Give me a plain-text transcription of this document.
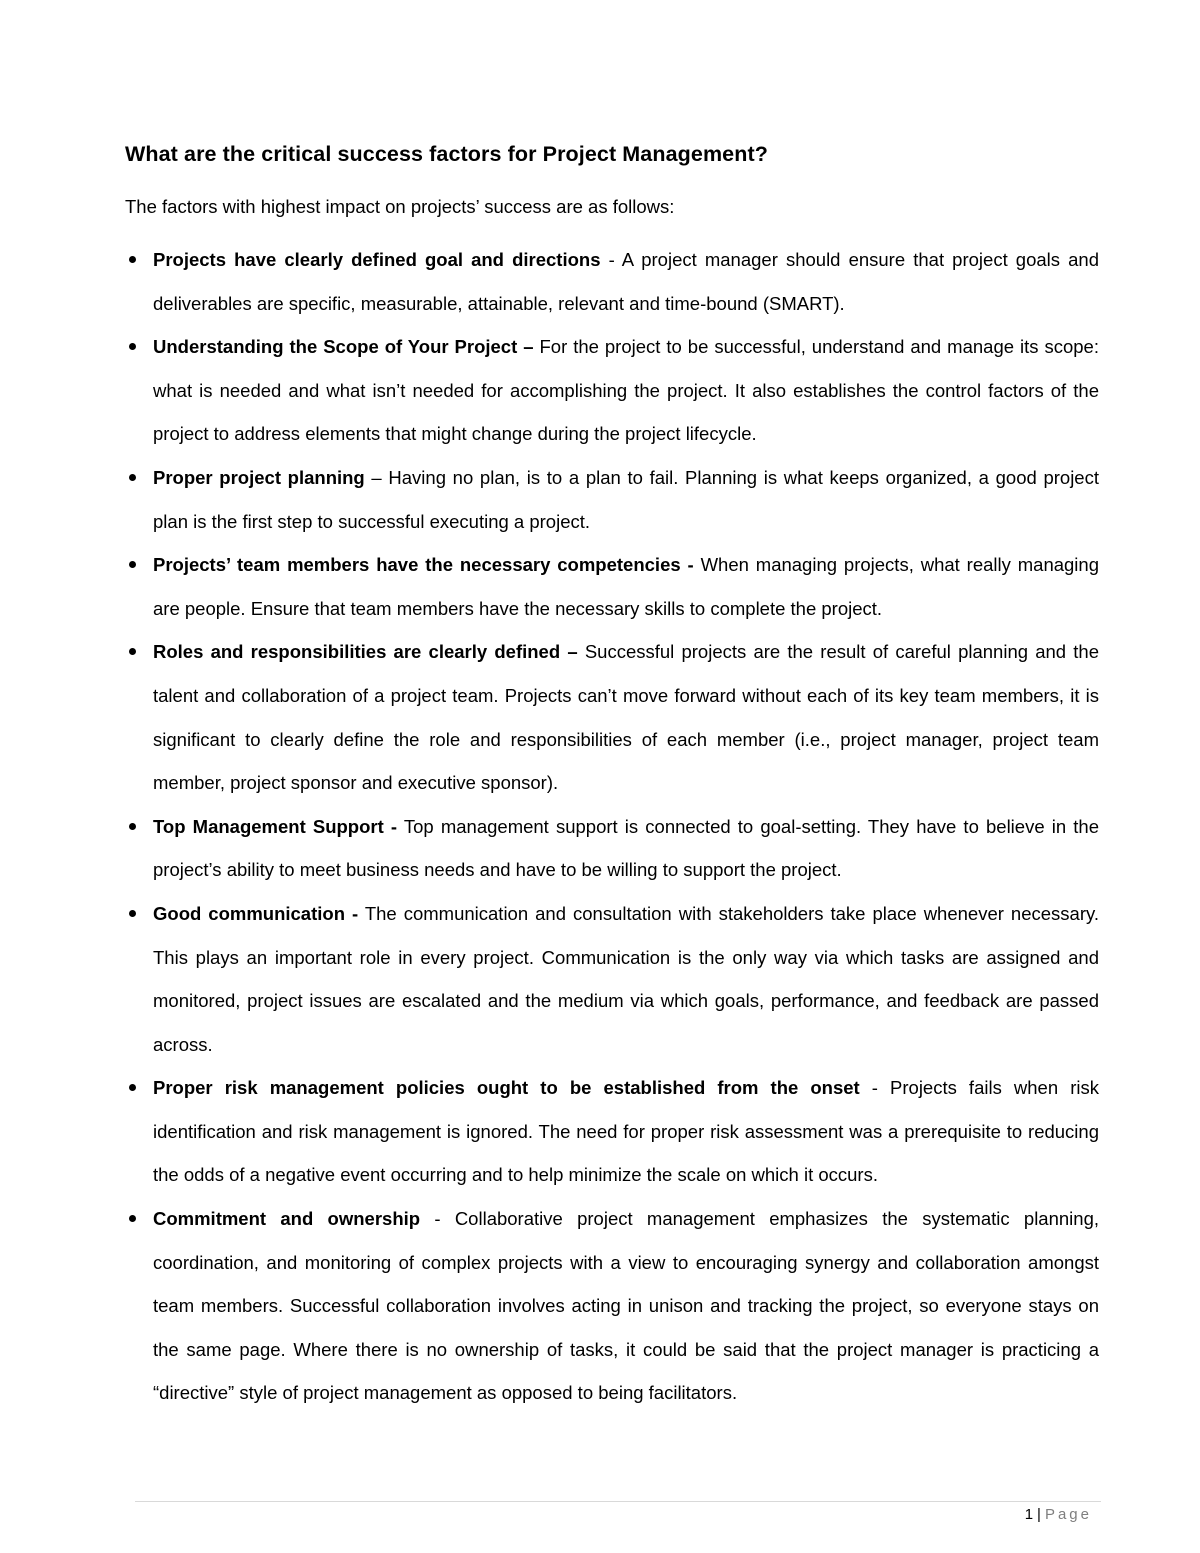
What are the critical success factors for Project Management?

The factors with highest impact on projects’ success are as follows:

Projects have clearly defined goal and directions - A project manager should ensure that project goals and deliverables are specific, measurable, attainable, relevant and time-bound (SMART).
Understanding the Scope of Your Project – For the project to be successful, understand and manage its scope: what is needed and what isn’t needed for accomplishing the project. It also establishes the control factors of the project to address elements that might change during the project lifecycle.
Proper project planning – Having no plan, is to a plan to fail. Planning is what keeps organized, a good project plan is the first step to successful executing a project.
Projects’ team members have the necessary competencies - When managing projects, what really managing are people. Ensure that team members have the necessary skills to complete the project.
Roles and responsibilities are clearly defined – Successful projects are the result of careful planning and the talent and collaboration of a project team. Projects can’t move forward without each of its key team members, it is significant to clearly define the role and responsibilities of each member (i.e., project manager, project team member, project sponsor and executive sponsor).
Top Management Support - Top management support is connected to goal-setting. They have to believe in the project’s ability to meet business needs and have to be willing to support the project.
Good communication - The communication and consultation with stakeholders take place whenever necessary. This plays an important role in every project. Communication is the only way via which tasks are assigned and monitored, project issues are escalated and the medium via which goals, performance, and feedback are passed across.
Proper risk management policies ought to be established from the onset - Projects fails when risk identification and risk management is ignored. The need for proper risk assessment was a prerequisite to reducing the odds of a negative event occurring and to help minimize the scale on which it occurs.
Commitment and ownership - Collaborative project management emphasizes the systematic planning, coordination, and monitoring of complex projects with a view to encouraging synergy and collaboration amongst team members. Successful collaboration involves acting in unison and tracking the project, so everyone stays on the same page. Where there is no ownership of tasks, it could be said that the project manager is practicing a “directive” style of project management as opposed to being facilitators.
1 | Page
